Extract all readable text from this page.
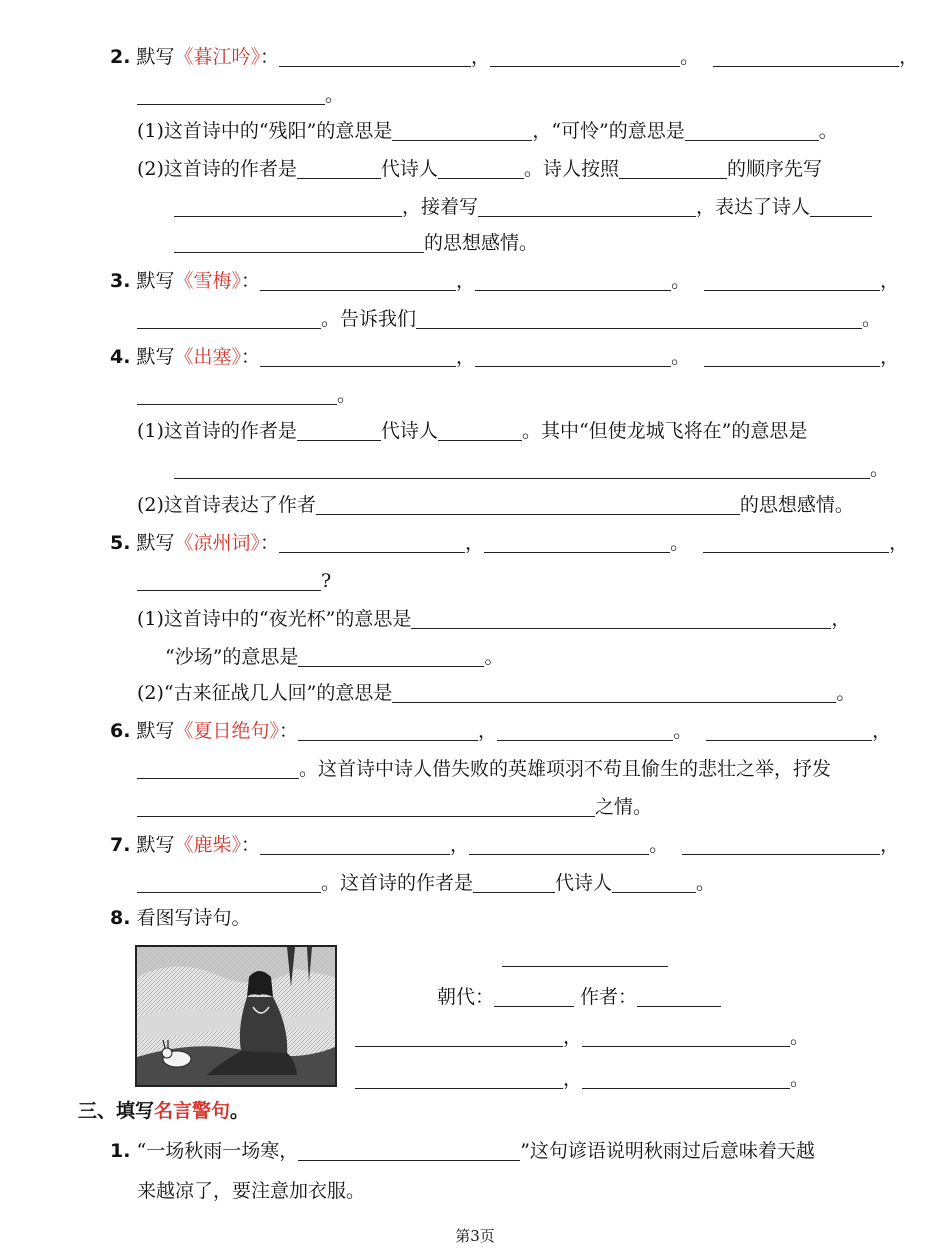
2. 默写《暮江吟》：	，	。	，
。
(1)这首诗中的“残阳”的意思是	，“可怜”的意思是	。
(2)这首诗的作者是	代诗人	。诗人按照	的顺序先写
，接着写	，表达了诗人
的思想感情。
3. 默写《雪梅》：	，	。	，
。告诉我们	。
4. 默写《出塞》：	，	。	，
。
(1)这首诗的作者是	代诗人	。其中“但使龙城飞将在”的意思是
。
(2)这首诗表达了作者	的思想感情。
5. 默写《凉州词》：	，	。	，
?
(1)这首诗中的“夜光杯”的意思是	，
“沙场”的意思是	。
(2)“古来征战几人回”的意思是	。
6. 默写《夏日绝句》：	，	。	，
。这首诗中诗人借失败的英雄项羽不苟且偷生的悲壮之举，抒发
之情。
7. 默写《鹿柴》：	，	。	，
。这首诗的作者是	代诗人	。
8. 看图写诗句。
朝代：	作者：
，	。
，	。
三、填写名言警句。
1. “一场秋雨一场寒，	”这句谚语说明秋雨过后意味着天越
来越凉了，要注意加衣服。
第3页
